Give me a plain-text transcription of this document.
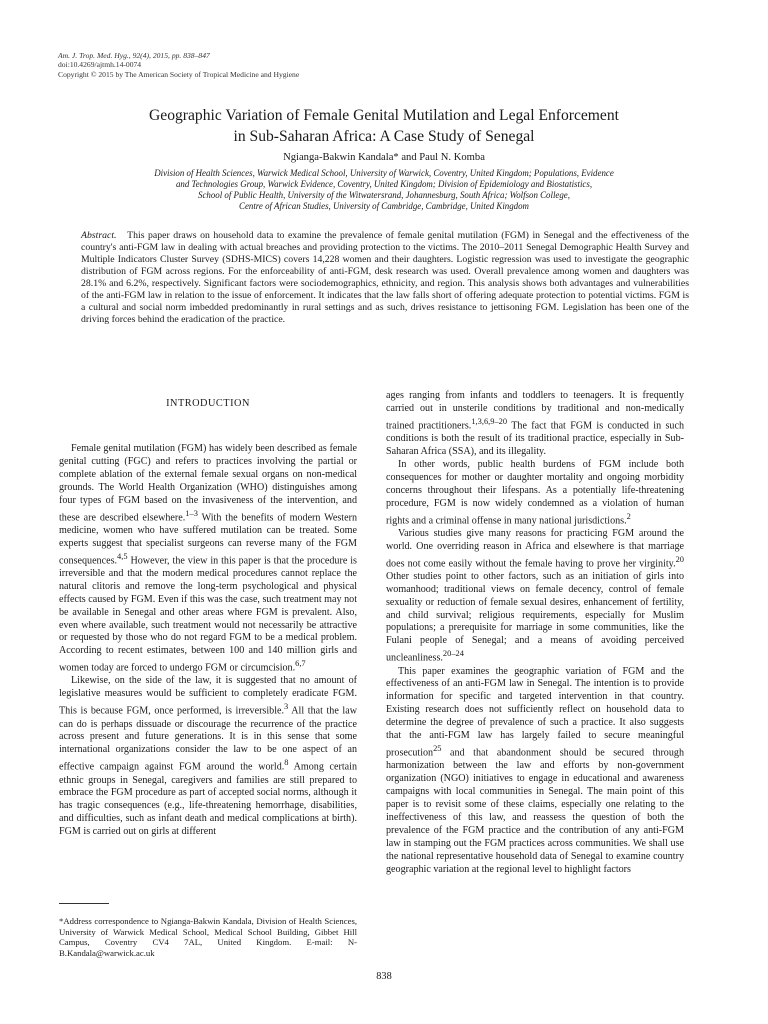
Am. J. Trop. Med. Hyg., 92(4), 2015, pp. 838–847
doi:10.4269/ajtmh.14-0074
Copyright © 2015 by The American Society of Tropical Medicine and Hygiene
Geographic Variation of Female Genital Mutilation and Legal Enforcement
in Sub-Saharan Africa: A Case Study of Senegal
Ngianga-Bakwin Kandala* and Paul N. Komba
Division of Health Sciences, Warwick Medical School, University of Warwick, Coventry, United Kingdom; Populations, Evidence
and Technologies Group, Warwick Evidence, Coventry, United Kingdom; Division of Epidemiology and Biostatistics,
School of Public Health, University of the Witwatersrand, Johannesburg, South Africa; Wolfson College,
Centre of African Studies, University of Cambridge, Cambridge, United Kingdom

Abstract. This paper draws on household data to examine the prevalence of female genital mutilation (FGM) in Senegal and the effectiveness of the country's anti-FGM law in dealing with actual breaches and providing protection to the victims. The 2010–2011 Senegal Demographic Health Survey and Multiple Indicators Cluster Survey (SDHS-MICS) covers 14,228 women and their daughters. Logistic regression was used to investigate the geographic distribution of FGM across regions. For the enforceability of anti-FGM, desk research was used. Overall prevalence among women and daughters was 28.1% and 6.2%, respectively. Significant factors were sociodemographics, ethnicity, and region. This analysis shows both advantages and vulnerabilities of the anti-FGM law in relation to the issue of enforcement. It indicates that the law falls short of offering adequate protection to potential victims. FGM is a cultural and social norm imbedded predominantly in rural settings and as such, drives resistance to jettisoning FGM. Legislation has been one of the driving forces behind the eradication of the practice.

INTRODUCTION

Female genital mutilation (FGM) has widely been described as female genital cutting (FGC) and refers to practices involving the partial or complete ablation of the external female sexual organs on non-medical grounds. The World Health Organization (WHO) distinguishes among four types of FGM based on the invasiveness of the intervention, and these are described elsewhere.$^{1-3}$ With the benefits of modern Western medicine, women who have suffered mutilation can be treated. Some experts suggest that specialist surgeons can reverse many of the FGM consequences.$^{4,5}$ However, the view in this paper is that the procedure is irreversible and that the modern medical procedures cannot replace the natural clitoris and remove the long-term psychological and physical effects caused by FGM. Even if this was the case, such treatment may not be available in Senegal and other areas where FGM is prevalent. Also, even where available, such treatment would not necessarily be attractive or requested by those who do not regard FGM to be a medical problem. According to recent estimates, between 100 and 140 million girls and women today are forced to undergo FGM or circumcision.$^{6,7}$

Likewise, on the side of the law, it is suggested that no amount of legislative measures would be sufficient to completely eradicate FGM. This is because FGM, once performed, is irreversible.$^3$ All that the law can do is perhaps dissuade or discourage the recurrence of the practice across present and future generations. It is in this sense that some international organizations consider the law to be one aspect of an effective campaign against FGM around the world.$^8$ Among certain ethnic groups in Senegal, caregivers and families are still prepared to embrace the FGM procedure as part of accepted social norms, although it has tragic consequences (e.g., life-threatening hemorrhage, disabilities, and difficulties, such as infant death and medical complications at birth). FGM is carried out on girls at different

ages ranging from infants and toddlers to teenagers. It is frequently carried out in unsterile conditions by traditional and non-medically trained practitioners.$^{1,3,6,9-20}$ The fact that FGM is conducted in such conditions is both the result of its traditional practice, especially in Sub-Saharan Africa (SSA), and its illegality.

In other words, public health burdens of FGM include both consequences for mother or daughter mortality and ongoing morbidity concerns throughout their lifespans. As a potentially life-threatening procedure, FGM is now widely condemned as a violation of human rights and a criminal offense in many national jurisdictions.$^2$

Various studies give many reasons for practicing FGM around the world. One overriding reason in Africa and elsewhere is that marriage does not come easily without the female having to prove her virginity.$^{20}$ Other studies point to other factors, such as an initiation of girls into womanhood; traditional views on female decency, control of female sexuality or reduction of female sexual desires, enhancement of fertility, and child survival; religious requirements, especially for Muslim populations; a prerequisite for marriage in some communities, like the Fulani people of Senegal; and a means of avoiding perceived uncleanliness.$^{20-24}$

This paper examines the geographic variation of FGM and the effectiveness of an anti-FGM law in Senegal. The intention is to provide information for specific and targeted intervention in that country. Existing research does not sufficiently reflect on household data to determine the degree of prevalence of such a practice. It also suggests that the anti-FGM law has largely failed to secure meaningful prosecution$^{25}$ and that abandonment should be secured through harmonization between the law and efforts by non-government organization (NGO) initiatives to engage in educational and awareness campaigns with local communities in Senegal. The main point of this paper is to revisit some of these claims, especially one relating to the ineffectiveness of this law, and reassess the question of both the prevalence of the FGM practice and the contribution of any anti-FGM law in stamping out the FGM practices across communities. We shall use the national representative household data of Senegal to examine country geographic variation at the regional level to highlight factors

*Address correspondence to Ngianga-Bakwin Kandala, Division of Health Sciences, University of Warwick Medical School, Medical School Building, Gibbet Hill Campus, Coventry CV4 7AL, United Kingdom. E-mail: N-B.Kandala@warwick.ac.uk

838
